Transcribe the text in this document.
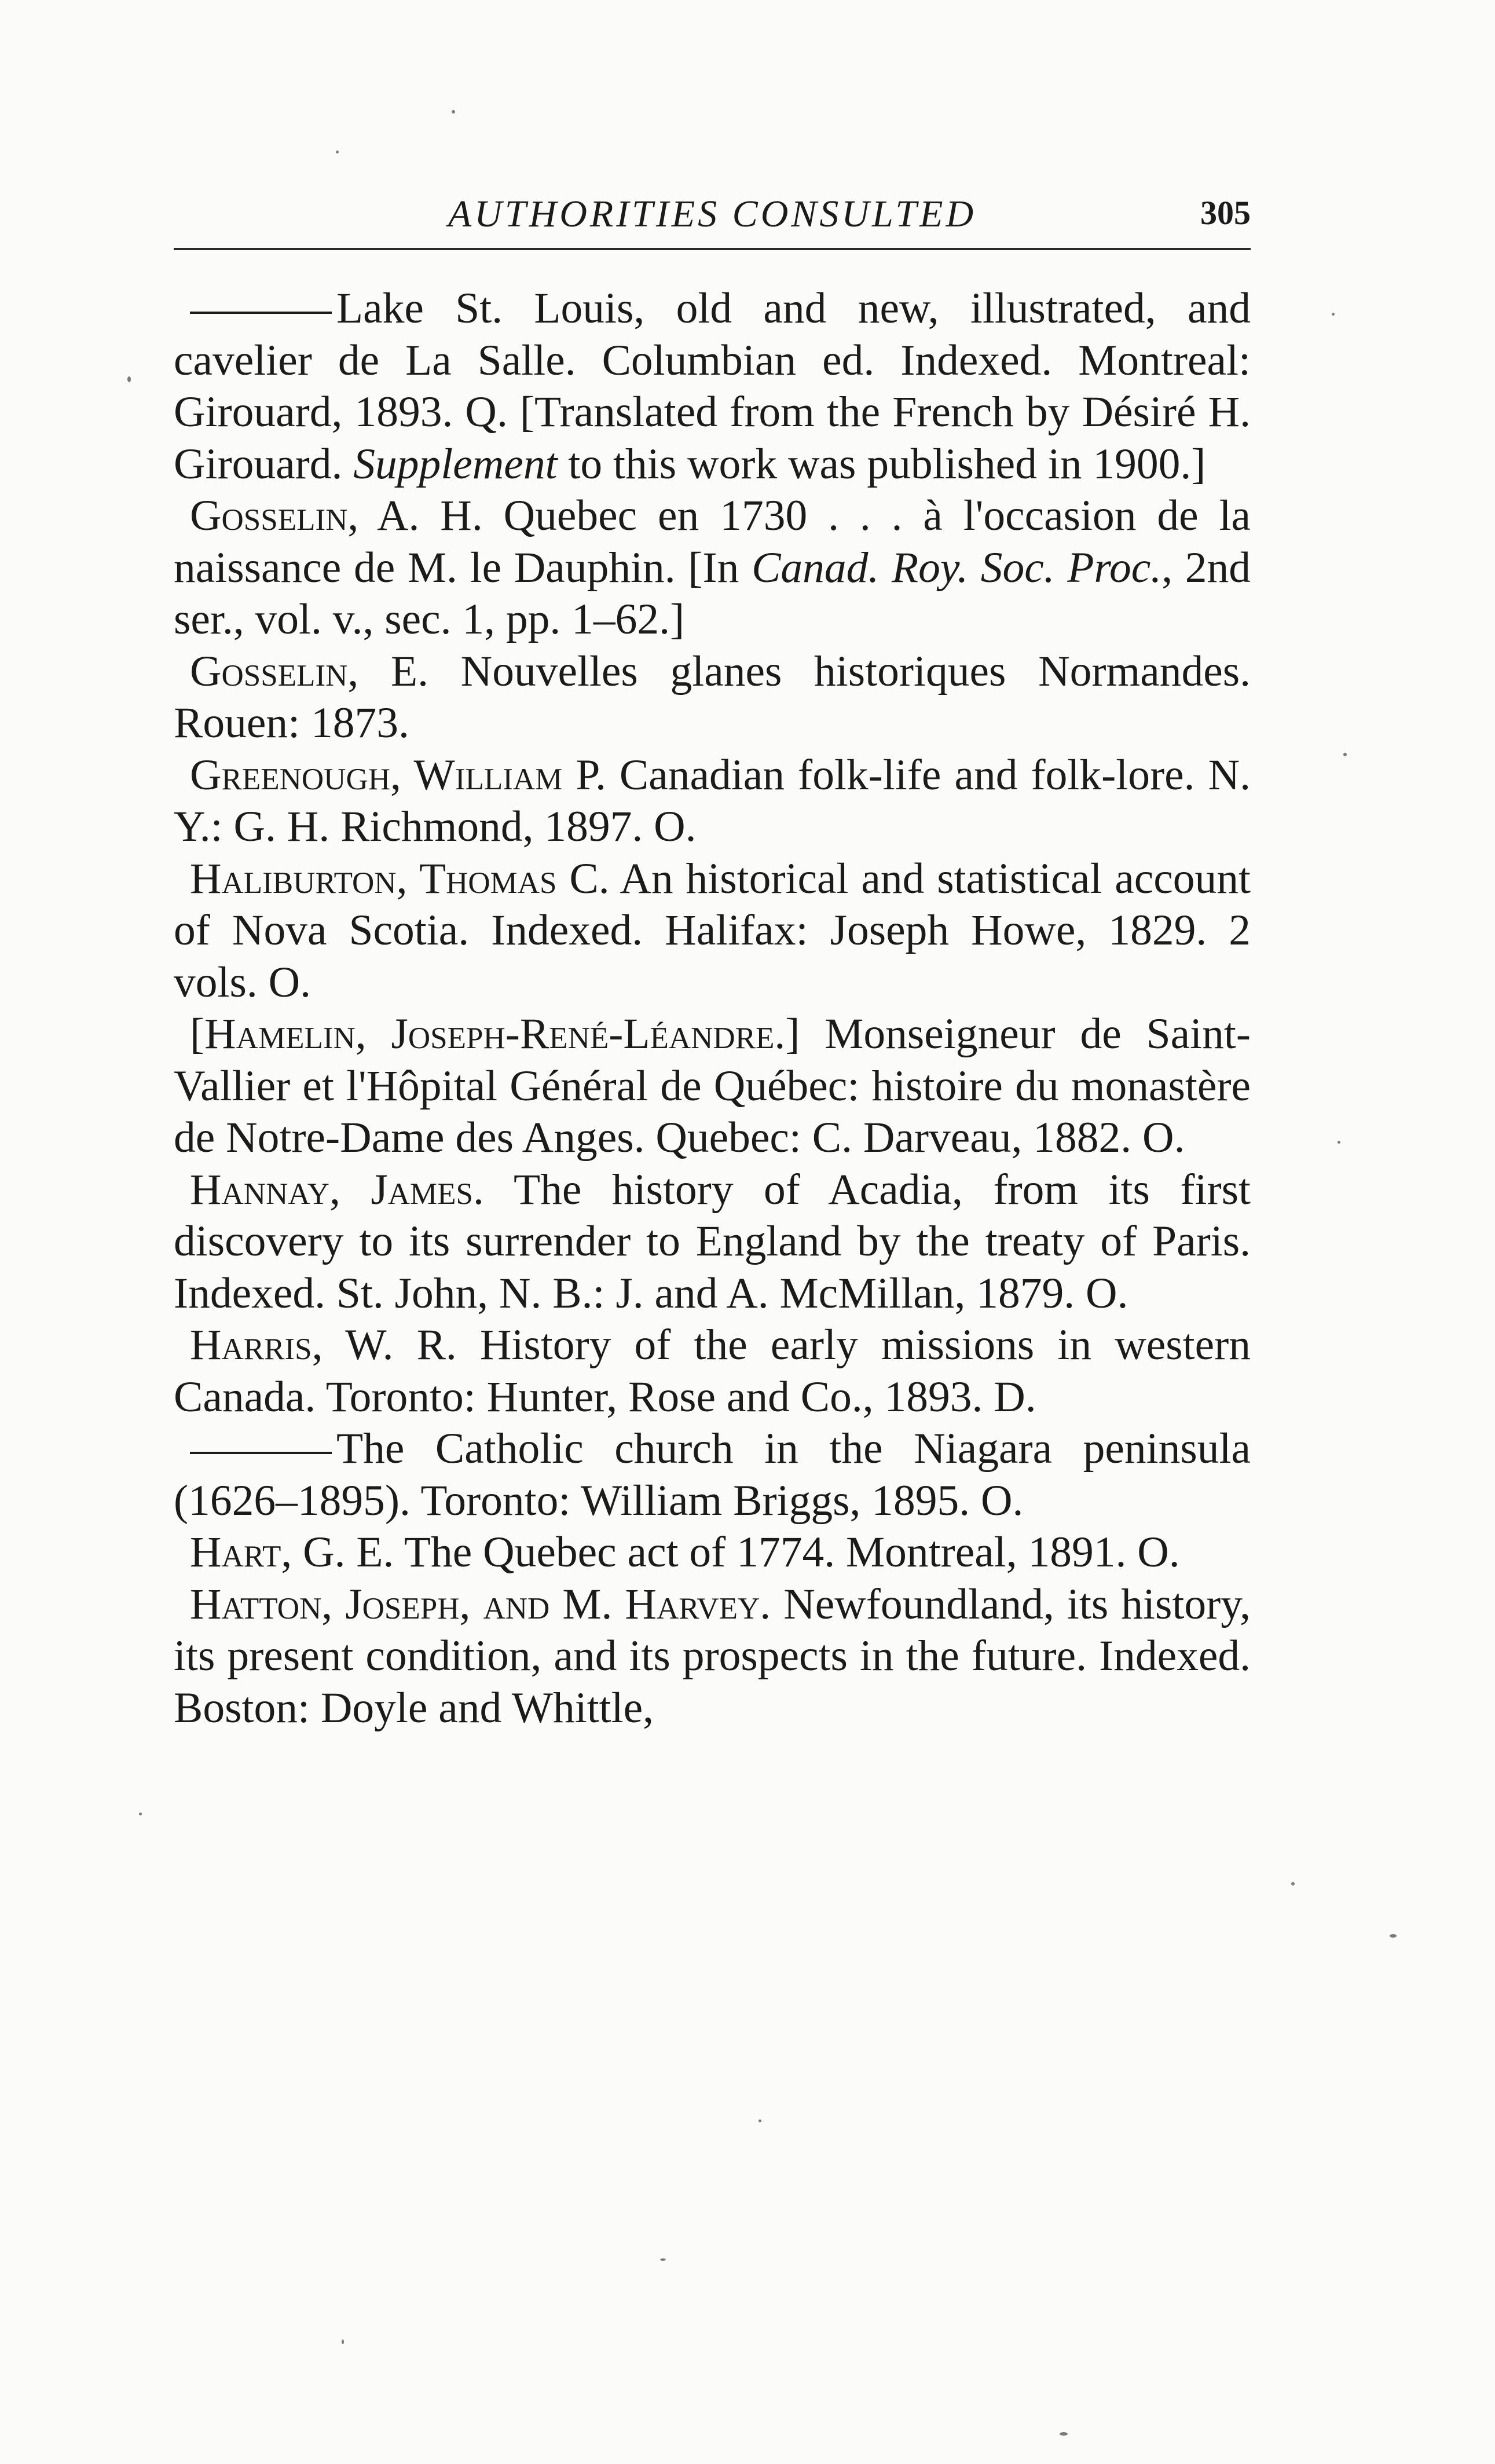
AUTHORITIES CONSULTED	305

Lake St. Louis, old and new, illustrated, and cavelier de La Salle. Columbian ed. Indexed. Montreal: Girouard, 1893. Q. [Translated from the French by Désiré H. Girouard. Supplement to this work was published in 1900.]

Gosselin, A. H. Quebec en 1730 . . . à l'occasion de la naissance de M. le Dauphin. [In Canad. Roy. Soc. Proc., 2nd ser., vol. v., sec. 1, pp. 1–62.]

Gosselin, E. Nouvelles glanes historiques Normandes. Rouen: 1873.

Greenough, William P. Canadian folk-life and folk-lore. N. Y.: G. H. Richmond, 1897. O.

Haliburton, Thomas C. An historical and statistical account of Nova Scotia. Indexed. Halifax: Joseph Howe, 1829. 2 vols. O.

[Hamelin, Joseph-René-Léandre.] Monseigneur de Saint-Vallier et l'Hôpital Général de Québec: histoire du monastère de Notre-Dame des Anges. Quebec: C. Darveau, 1882. O.

Hannay, James. The history of Acadia, from its first discovery to its surrender to England by the treaty of Paris. Indexed. St. John, N. B.: J. and A. McMillan, 1879. O.

Harris, W. R. History of the early missions in western Canada. Toronto: Hunter, Rose and Co., 1893. D.

The Catholic church in the Niagara peninsula (1626–1895). Toronto: William Briggs, 1895. O.

Hart, G. E. The Quebec act of 1774. Montreal, 1891. O.

Hatton, Joseph, and M. Harvey. Newfoundland, its history, its present condition, and its prospects in the future. Indexed. Boston: Doyle and Whittle,
